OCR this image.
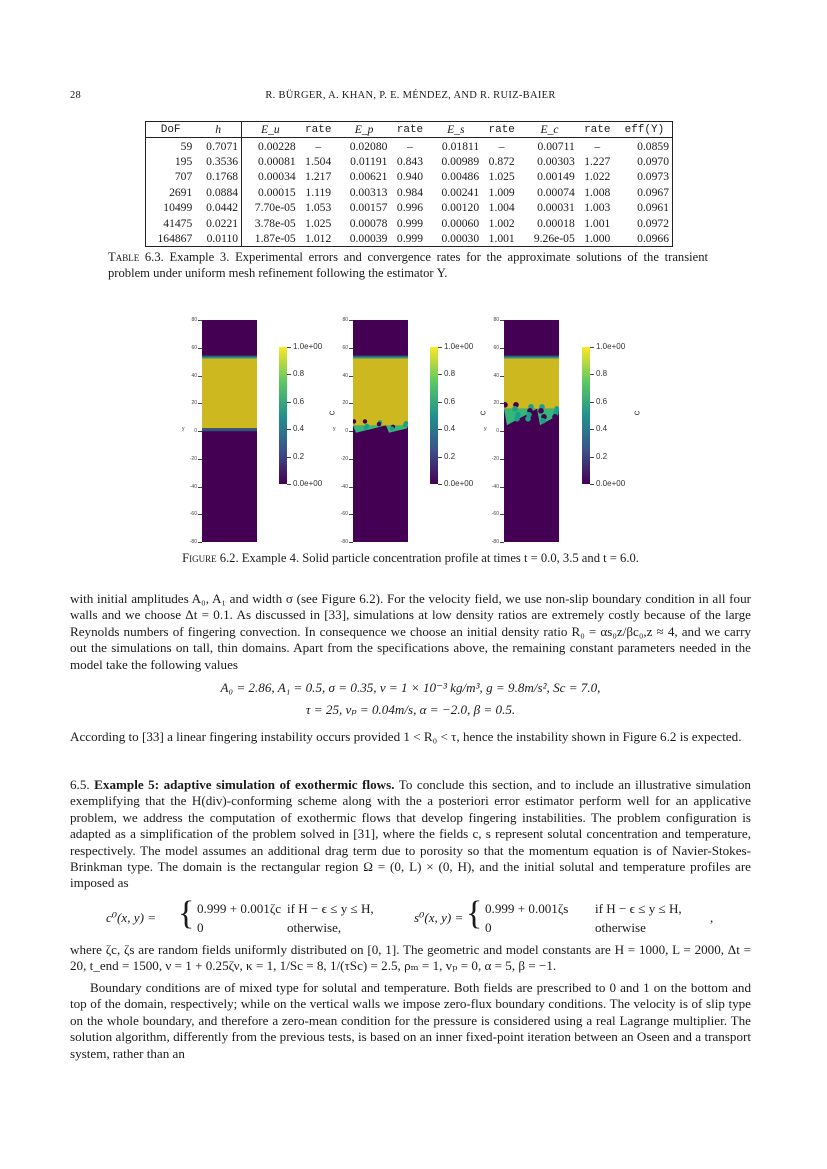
28	R. BÜRGER, A. KHAN, P. E. MÉNDEZ, AND R. RUIZ-BAIER
DoF	h	E_u	rate	E_p	rate	E_s	rate	E_c	rate	eff(Υ)
59	0.7071	0.00228	–	0.02080	–	0.01811	–	0.00711	–	0.0859
195	0.3536	0.00081	1.504	0.01191	0.843	0.00989	0.872	0.00303	1.227	0.0970
707	0.1768	0.00034	1.217	0.00621	0.940	0.00486	1.025	0.00149	1.022	0.0973
2691	0.0884	0.00015	1.119	0.00313	0.984	0.00241	1.009	0.00074	1.008	0.0967
10499	0.0442	7.70e-05	1.053	0.00157	0.996	0.00120	1.004	0.00031	1.003	0.0961
41475	0.0221	3.78e-05	1.025	0.00078	0.999	0.00060	1.002	0.00018	1.001	0.0972
164867	0.0110	1.87e-05	1.012	0.00039	0.999	0.00030	1.001	9.26e-05	1.000	0.0966
Table 6.3. Example 3. Experimental errors and convergence rates for the approximate solutions of the transient problem under uniform mesh refinement following the estimator Υ.
80
60
40
20
0
-20
-40
-60
-80
y
1.0e+00
0.8
0.6
0.4
0.2
0.0e+00
c
80
60
40
20
0
-20
-40
-60
-80
y
1.0e+00
0.8
0.6
0.4
0.2
0.0e+00
c
80
60
40
20
0
-20
-40
-60
-80
y
1.0e+00
0.8
0.6
0.4
0.2
0.0e+00
c
Figure 6.2. Example 4. Solid particle concentration profile at times t = 0.0, 3.5 and t = 6.0.
with initial amplitudes A₀, A₁ and width σ (see Figure 6.2). For the velocity field, we use non-slip boundary condition in all four walls and we choose Δt = 0.1. As discussed in [33], simulations at low density ratios are extremely costly because of the large Reynolds numbers of fingering convection. In consequence we choose an initial density ratio R₀ = αs₀z/βc₀,z ≈ 4, and we carry out the simulations on tall, thin domains. Apart from the specifications above, the remaining constant parameters needed in the model take the following values
A₀ = 2.86, A₁ = 0.5, σ = 0.35, ν = 1 × 10⁻³ kg/m³, g = 9.8m/s², Sc = 7.0,
τ = 25, vₚ = 0.04m/s, α = −2.0, β = 0.5.
According to [33] a linear fingering instability occurs provided 1 < R₀ < τ, hence the instability shown in Figure 6.2 is expected.
6.5. Example 5: adaptive simulation of exothermic flows. To conclude this section, and to include an illustrative simulation exemplifying that the H(div)-conforming scheme along with the a posteriori error estimator perform well for an applicative problem, we address the computation of exothermic flows that develop fingering instabilities. The problem configuration is adapted as a simplification of the problem solved in [31], where the fields c, s represent solutal concentration and temperature, respectively. The model assumes an additional drag term due to porosity so that the momentum equation is of Navier-Stokes-Brinkman type. The domain is the rectangular region Ω = (0, L) × (0, H), and the initial solutal and temperature profiles are imposed as
c⁰(x, y) = { 0.999 + 0.001ζc if H − ϵ ≤ y ≤ H,
0	otherwise,
s⁰(x, y) = { 0.999 + 0.001ζs if H − ϵ ≤ y ≤ H,
0	otherwise
,
where ζc, ζs are random fields uniformly distributed on [0, 1]. The geometric and model constants are H = 1000, L = 2000, Δt = 20, t_end = 1500, ν = 1 + 0.25ζν, κ = 1, 1/Sc = 8, 1/(τSc) = 2.5, ρₘ = 1, vₚ = 0, α = 5, β = −1.
Boundary conditions are of mixed type for solutal and temperature. Both fields are prescribed to 0 and 1 on the bottom and top of the domain, respectively; while on the vertical walls we impose zero-flux boundary conditions. The velocity is of slip type on the whole boundary, and therefore a zero-mean condition for the pressure is considered using a real Lagrange multiplier. The solution algorithm, differently from the previous tests, is based on an inner fixed-point iteration between an Oseen and a transport system, rather than an
